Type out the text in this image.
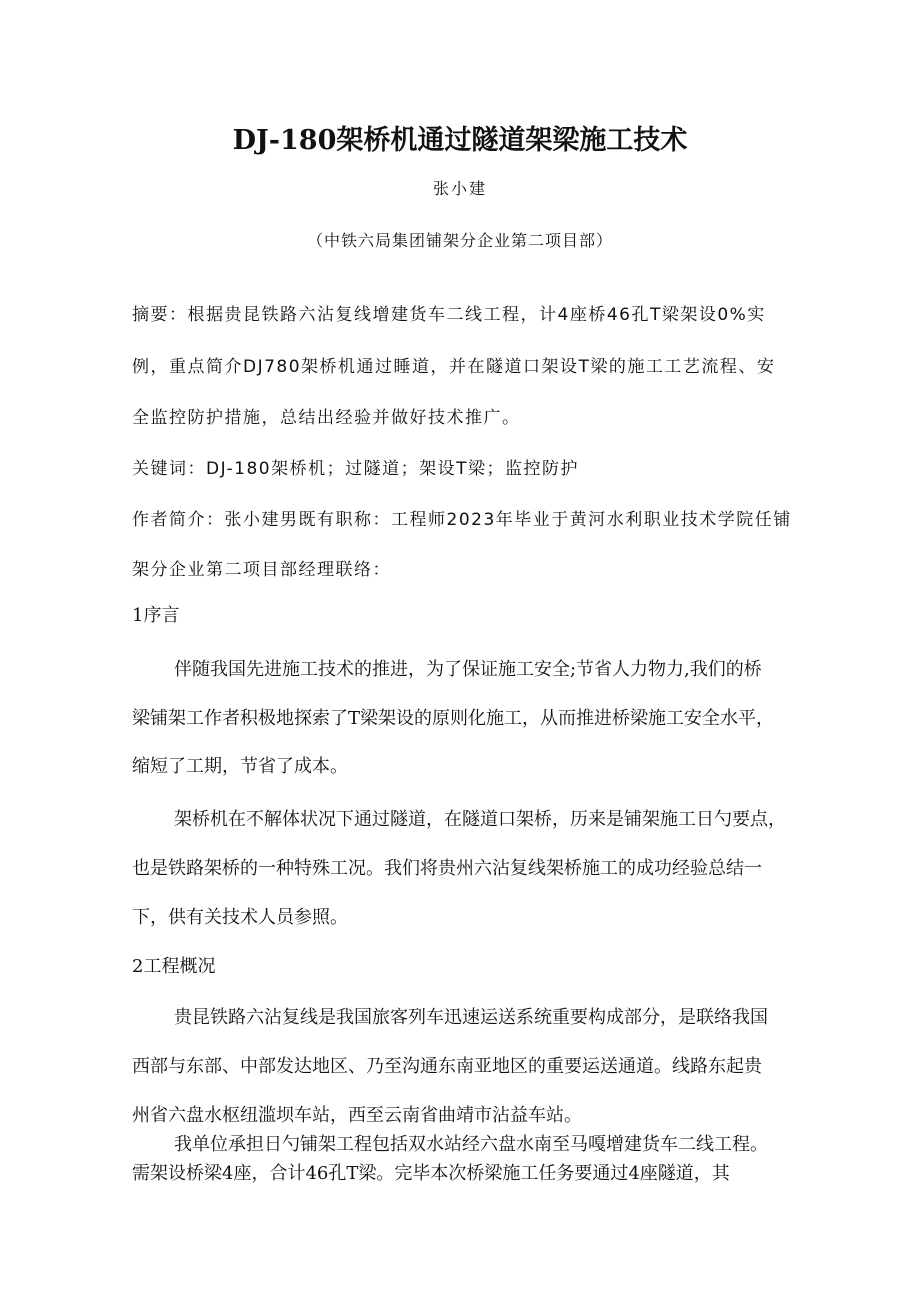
DJ-180架桥机通过隧道架梁施工技术
张小建
（中铁六局集团铺架分企业第二项目部）
摘要：根据贵昆铁路六沾复线增建货车二线工程，计4座桥46孔T梁架设0%实
例，重点简介DJ780架桥机通过睡道，并在隧道口架设T梁的施工工艺流程、安
全监控防护措施，总结出经验并做好技术推广。
关键词：DJ-180架桥机；过隧道；架设T梁；监控防护
作者简介：张小建男既有职称：工程师2023年毕业于黄河水利职业技术学院任铺
架分企业第二项目部经理联络：
1序言
伴随我国先进施工技术的推进，为了保证施工安全;节省人力物力,我们的桥
梁铺架工作者积极地探索了T梁架设的原则化施工，从而推进桥梁施工安全水平，
缩短了工期，节省了成本。
架桥机在不解体状况下通过隧道，在隧道口架桥，历来是铺架施工日勺要点，
也是铁路架桥的一种特殊工况。我们将贵州六沾复线架桥施工的成功经验总结一
下，供有关技术人员参照。
2工程概况
贵昆铁路六沾复线是我国旅客列车迅速运送系统重要构成部分，是联络我国
西部与东部、中部发达地区、乃至沟通东南亚地区的重要运送通道。线路东起贵
州省六盘水枢纽滥坝车站，西至云南省曲靖市沾益车站。
我单位承担日勺铺架工程包括双水站经六盘水南至马嘎增建货车二线工程。
需架设桥梁4座，合计46孔T梁。完毕本次桥梁施工任务要通过4座隧道，其
